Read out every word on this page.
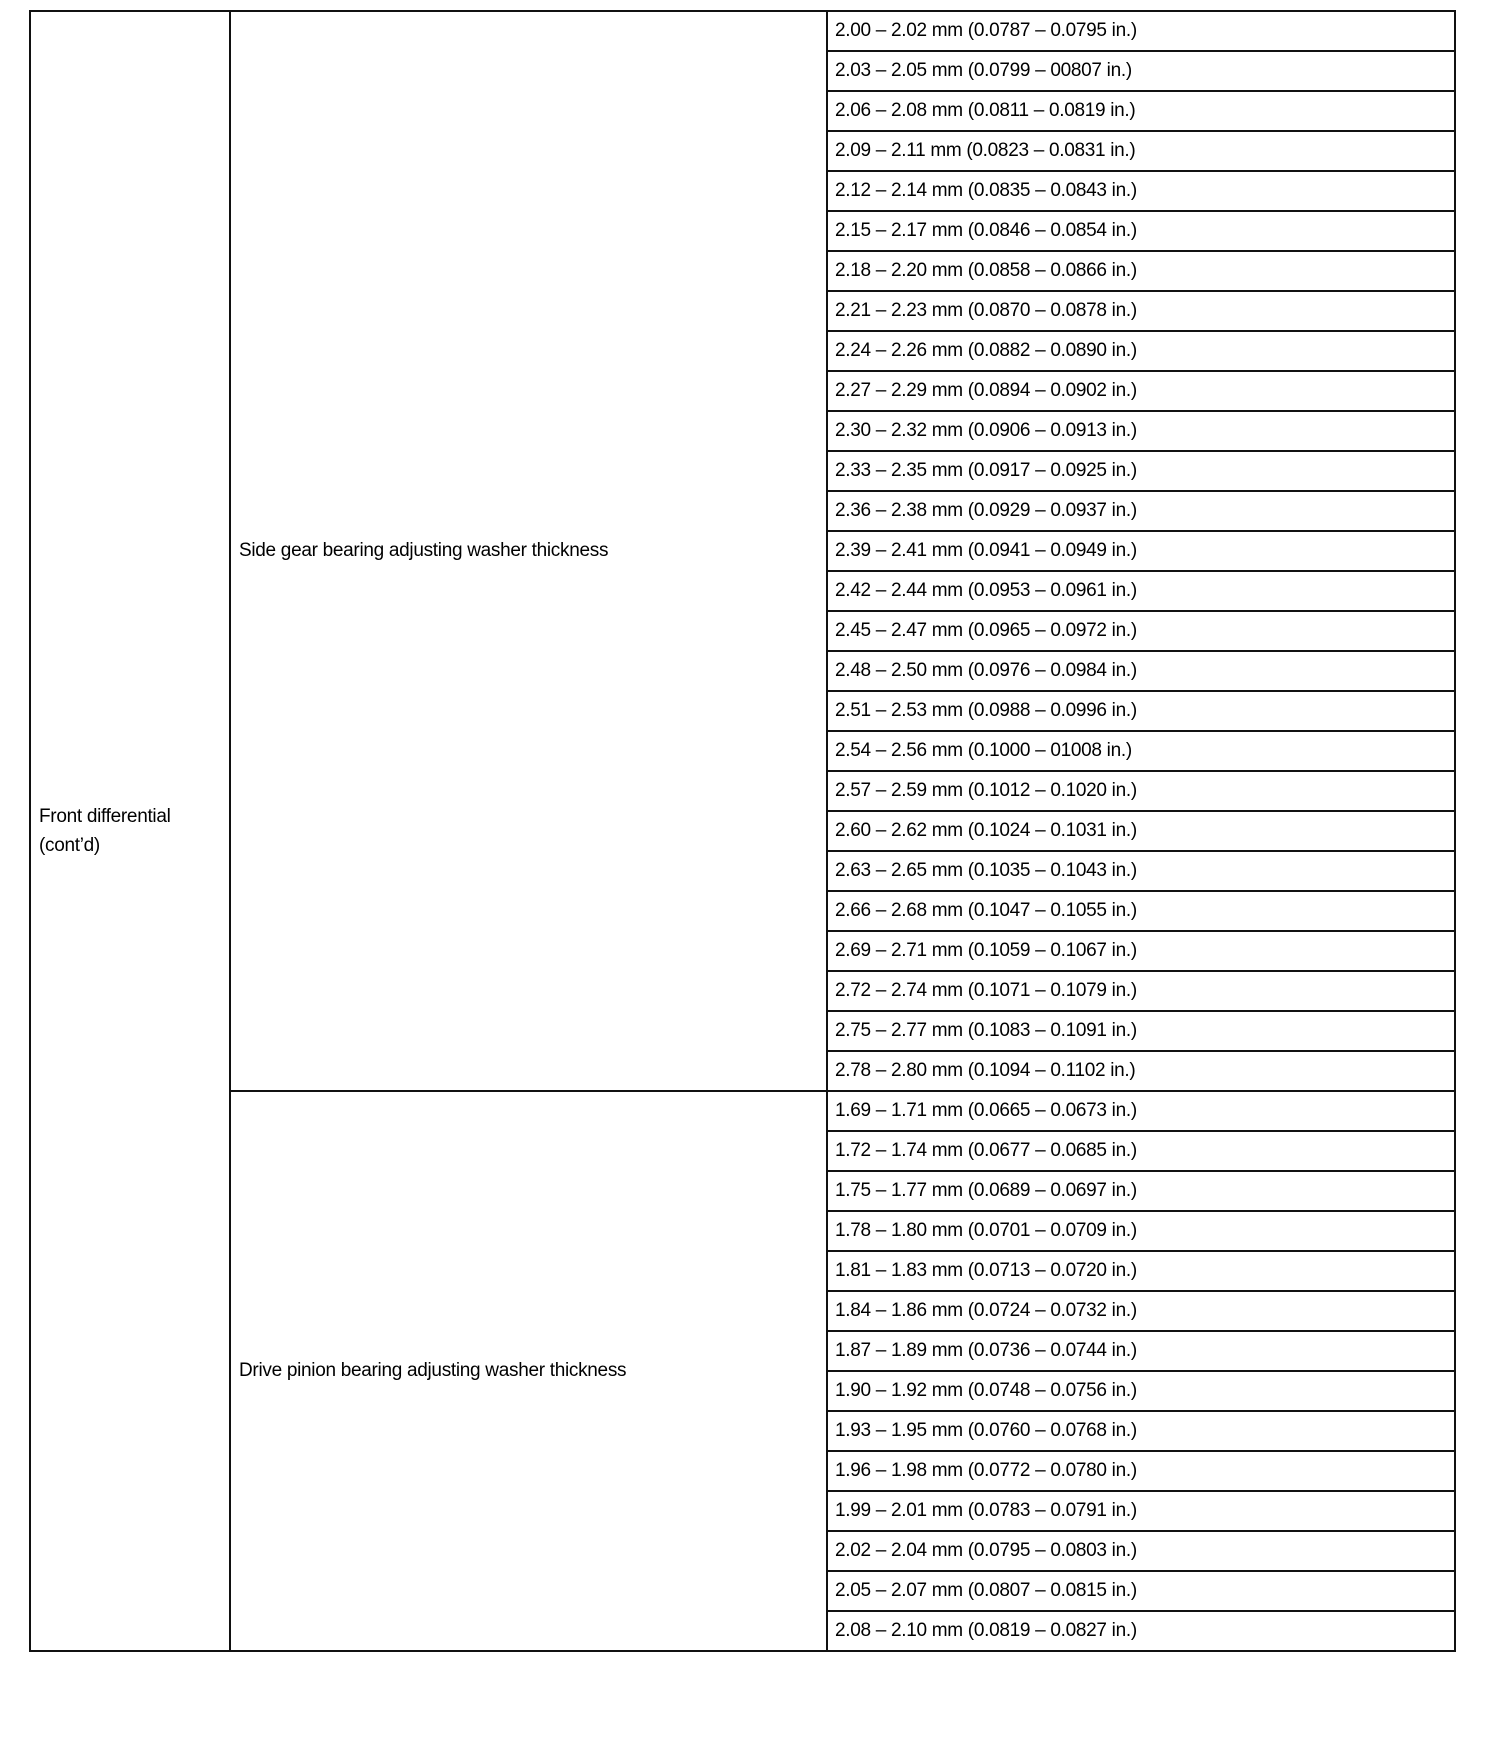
Front differential
(cont’d)	Side gear bearing adjusting washer thickness	2.00 – 2.02 mm (0.0787 – 0.0795 in.)
		2.03 – 2.05 mm (0.0799 – 00807 in.)
		2.06 – 2.08 mm (0.0811 – 0.0819 in.)
		2.09 – 2.11 mm (0.0823 – 0.0831 in.)
		2.12 – 2.14 mm (0.0835 – 0.0843 in.)
		2.15 – 2.17 mm (0.0846 – 0.0854 in.)
		2.18 – 2.20 mm (0.0858 – 0.0866 in.)
		2.21 – 2.23 mm (0.0870 – 0.0878 in.)
		2.24 – 2.26 mm (0.0882 – 0.0890 in.)
		2.27 – 2.29 mm (0.0894 – 0.0902 in.)
		2.30 – 2.32 mm (0.0906 – 0.0913 in.)
		2.33 – 2.35 mm (0.0917 – 0.0925 in.)
		2.36 – 2.38 mm (0.0929 – 0.0937 in.)
		2.39 – 2.41 mm (0.0941 – 0.0949 in.)
		2.42 – 2.44 mm (0.0953 – 0.0961 in.)
		2.45 – 2.47 mm (0.0965 – 0.0972 in.)
		2.48 – 2.50 mm (0.0976 – 0.0984 in.)
		2.51 – 2.53 mm (0.0988 – 0.0996 in.)
		2.54 – 2.56 mm (0.1000 – 01008 in.)
		2.57 – 2.59 mm (0.1012 – 0.1020 in.)
		2.60 – 2.62 mm (0.1024 – 0.1031 in.)
		2.63 – 2.65 mm (0.1035 – 0.1043 in.)
		2.66 – 2.68 mm (0.1047 – 0.1055 in.)
		2.69 – 2.71 mm (0.1059 – 0.1067 in.)
		2.72 – 2.74 mm (0.1071 – 0.1079 in.)
		2.75 – 2.77 mm (0.1083 – 0.1091 in.)
		2.78 – 2.80 mm (0.1094 – 0.1102 in.)
	Drive pinion bearing adjusting washer thickness	1.69 – 1.71 mm (0.0665 – 0.0673 in.)
		1.72 – 1.74 mm (0.0677 – 0.0685 in.)
		1.75 – 1.77 mm (0.0689 – 0.0697 in.)
		1.78 – 1.80 mm (0.0701 – 0.0709 in.)
		1.81 – 1.83 mm (0.0713 – 0.0720 in.)
		1.84 – 1.86 mm (0.0724 – 0.0732 in.)
		1.87 – 1.89 mm (0.0736 – 0.0744 in.)
		1.90 – 1.92 mm (0.0748 – 0.0756 in.)
		1.93 – 1.95 mm (0.0760 – 0.0768 in.)
		1.96 – 1.98 mm (0.0772 – 0.0780 in.)
		1.99 – 2.01 mm (0.0783 – 0.0791 in.)
		2.02 – 2.04 mm (0.0795 – 0.0803 in.)
		2.05 – 2.07 mm (0.0807 – 0.0815 in.)
		2.08 – 2.10 mm (0.0819 – 0.0827 in.)
